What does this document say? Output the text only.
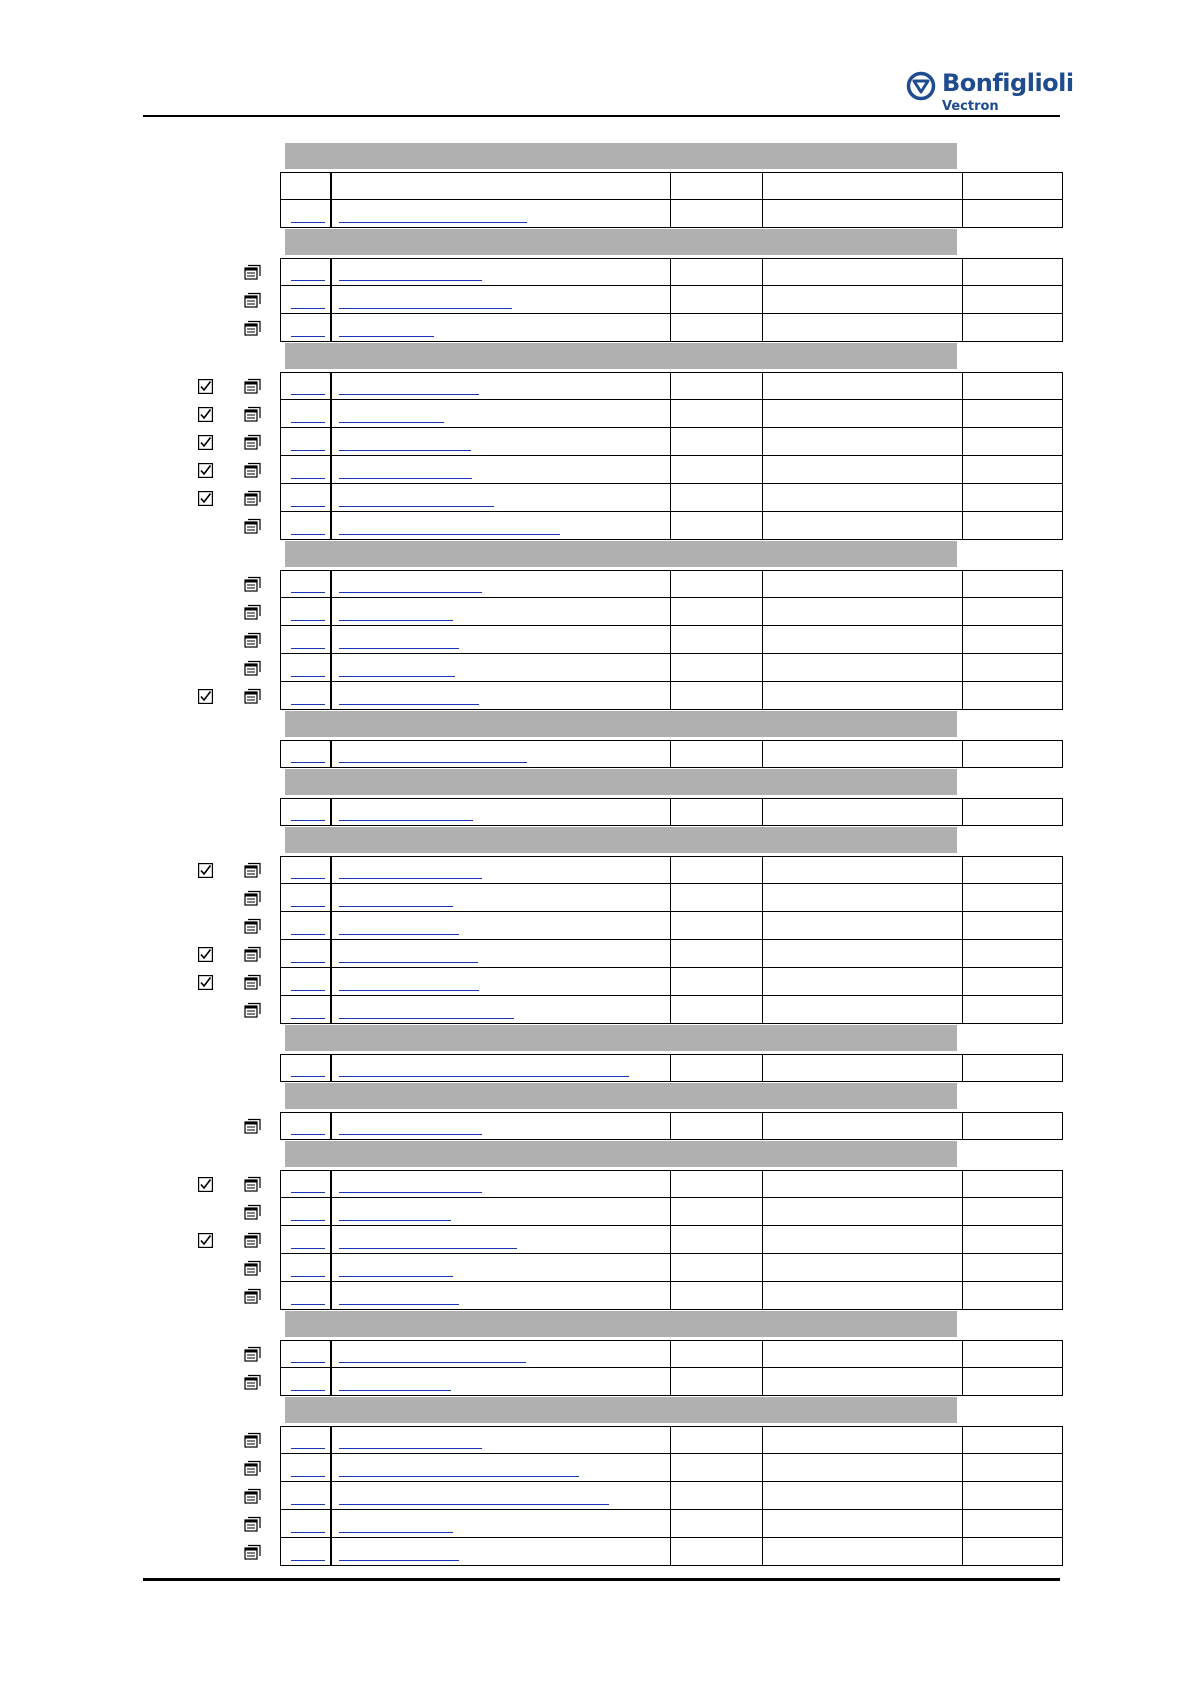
Bonfiglioli
Vectron
